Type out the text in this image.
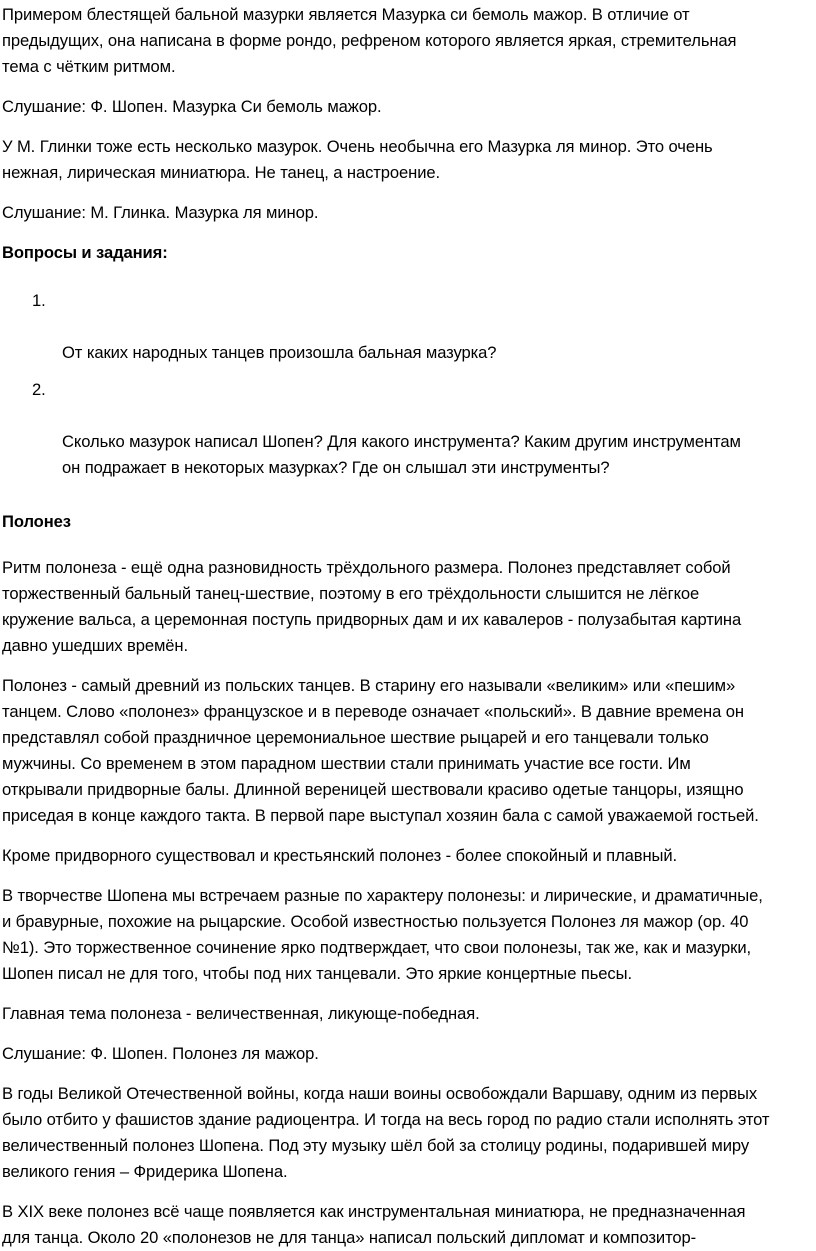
Примером блестящей бальной мазурки является Мазурка си бемоль мажор. В отличие от
предыдущих, она написана в форме рондо, рефреном которого является яркая, стремительная
тема с чётким ритмом.

Слушание: Ф. Шопен. Мазурка Си бемоль мажор.

У М. Глинки тоже есть несколько мазурок. Очень необычна его Мазурка ля минор. Это очень
нежная, лирическая миниатюра. Не танец, а настроение.

Слушание: М. Глинка. Мазурка ля минор.

Вопросы и задания:

1.

От каких народных танцев произошла бальная мазурка?

2.

Сколько мазурок написал Шопен? Для какого инструмента? Каким другим инструментам
он подражает в некоторых мазурках? Где он слышал эти инструменты?

Полонез

Ритм полонеза - ещё одна разновидность трёхдольного размера. Полонез представляет собой
торжественный бальный танец-шествие, поэтому в его трёхдольности слышится не лёгкое
кружение вальса, а церемонная поступь придворных дам и их кавалеров - полузабытая картина
давно ушедших времён.

Полонез - самый древний из польских танцев. В старину его называли «великим» или «пешим»
танцем. Слово «полонез» французское и в переводе означает «польский». В давние времена он
представлял собой праздничное церемониальное шествие рыцарей и его танцевали только
мужчины. Со временем в этом парадном шествии стали принимать участие все гости. Им
открывали придворные балы. Длинной вереницей шествовали красиво одетые танцоры, изящно
приседая в конце каждого такта. В первой паре выступал хозяин бала с самой уважаемой гостьей.

Кроме придворного существовал и крестьянский полонез - более спокойный и плавный.

В творчестве Шопена мы встречаем разные по характеру полонезы: и лирические, и драматичные,
и бравурные, похожие на рыцарские. Особой известностью пользуется Полонез ля мажор (ор. 40
№1). Это торжественное сочинение ярко подтверждает, что свои полонезы, так же, как и мазурки,
Шопен писал не для того, чтобы под них танцевали. Это яркие концертные пьесы.

Главная тема полонеза - величественная, ликующе-победная.

Слушание: Ф. Шопен. Полонез ля мажор.

В годы Великой Отечественной войны, когда наши воины освобождали Варшаву, одним из первых
было отбито у фашистов здание радиоцентра. И тогда на весь город по радио стали исполнять этот
величественный полонез Шопена. Под эту музыку шёл бой за столицу родины, подарившей миру
великого гения – Фридерика Шопена.

В XIX веке полонез всё чаще появляется как инструментальная миниатюра, не предназначенная
для танца. Около 20 «полонезов не для танца» написал польский дипломат и композитор-
